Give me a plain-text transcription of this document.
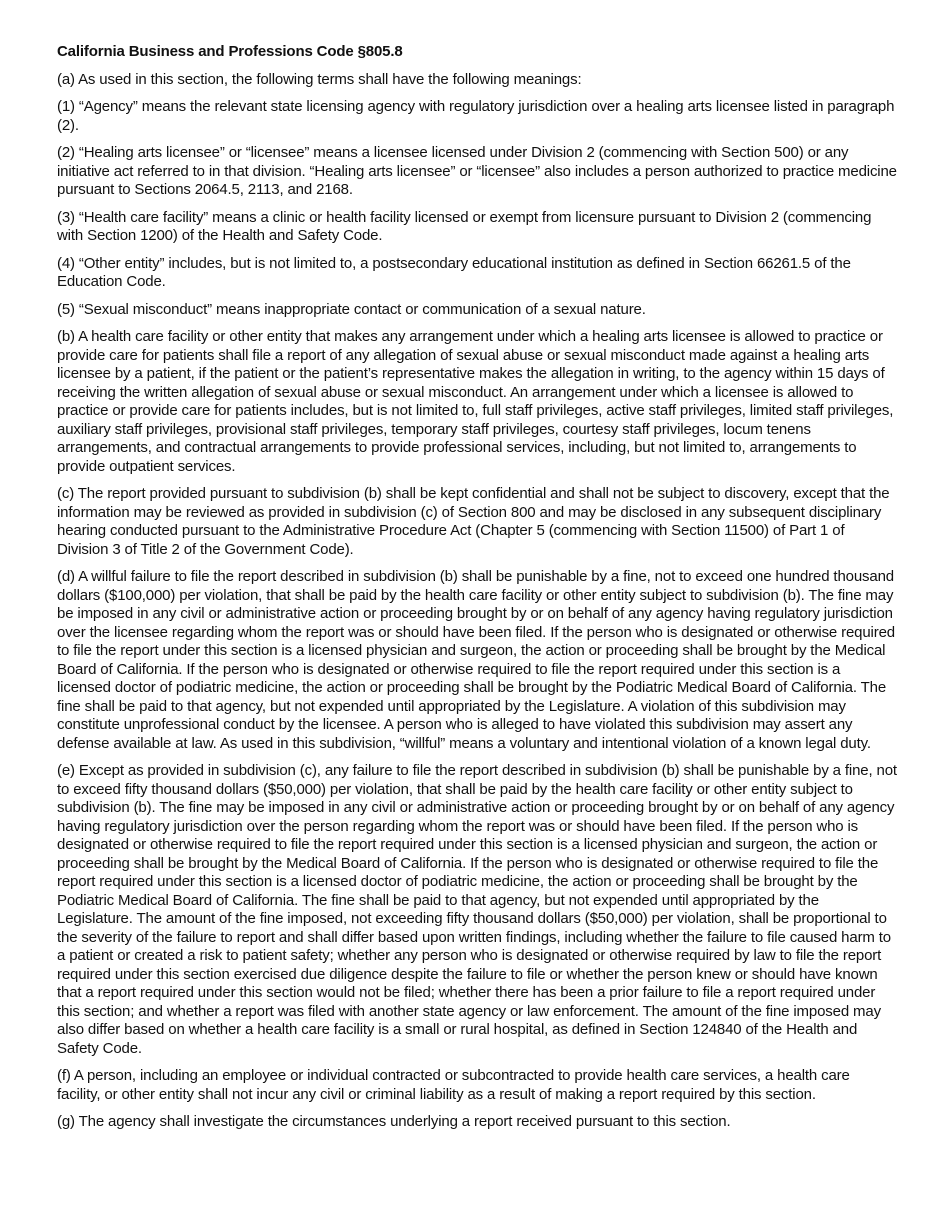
California Business and Professions Code §805.8

(a) As used in this section, the following terms shall have the following meanings:

(1) “Agency” means the relevant state licensing agency with regulatory jurisdiction over a healing arts licensee listed in paragraph (2).

(2) “Healing arts licensee” or “licensee” means a licensee licensed under Division 2 (commencing with Section 500) or any initiative act referred to in that division. “Healing arts licensee” or “licensee” also includes a person authorized to practice medicine pursuant to Sections 2064.5, 2113, and 2168.

(3) “Health care facility” means a clinic or health facility licensed or exempt from licensure pursuant to Division 2 (commencing with Section 1200) of the Health and Safety Code.

(4) “Other entity” includes, but is not limited to, a postsecondary educational institution as defined in Section 66261.5 of the Education Code.

(5) “Sexual misconduct” means inappropriate contact or communication of a sexual nature.

(b) A health care facility or other entity that makes any arrangement under which a healing arts licensee is allowed to practice or provide care for patients shall file a report of any allegation of sexual abuse or sexual misconduct made against a healing arts licensee by a patient, if the patient or the patient’s representative makes the allegation in writing, to the agency within 15 days of receiving the written allegation of sexual abuse or sexual misconduct. An arrangement under which a licensee is allowed to practice or provide care for patients includes, but is not limited to, full staff privileges, active staff privileges, limited staff privileges, auxiliary staff privileges, provisional staff privileges, temporary staff privileges, courtesy staff privileges, locum tenens arrangements, and contractual arrangements to provide professional services, including, but not limited to, arrangements to provide outpatient services.

(c) The report provided pursuant to subdivision (b) shall be kept confidential and shall not be subject to discovery, except that the information may be reviewed as provided in subdivision (c) of Section 800 and may be disclosed in any subsequent disciplinary hearing conducted pursuant to the Administrative Procedure Act (Chapter 5 (commencing with Section 11500) of Part 1 of Division 3 of Title 2 of the Government Code).

(d) A willful failure to file the report described in subdivision (b) shall be punishable by a fine, not to exceed one hundred thousand dollars ($100,000) per violation, that shall be paid by the health care facility or other entity subject to subdivision (b). The fine may be imposed in any civil or administrative action or proceeding brought by or on behalf of any agency having regulatory jurisdiction over the licensee regarding whom the report was or should have been filed. If the person who is designated or otherwise required to file the report under this section is a licensed physician and surgeon, the action or proceeding shall be brought by the Medical Board of California. If the person who is designated or otherwise required to file the report required under this section is a licensed doctor of podiatric medicine, the action or proceeding shall be brought by the Podiatric Medical Board of California. The fine shall be paid to that agency, but not expended until appropriated by the Legislature. A violation of this subdivision may constitute unprofessional conduct by the licensee. A person who is alleged to have violated this subdivision may assert any defense available at law. As used in this subdivision, “willful” means a voluntary and intentional violation of a known legal duty.

(e) Except as provided in subdivision (c), any failure to file the report described in subdivision (b) shall be punishable by a fine, not to exceed fifty thousand dollars ($50,000) per violation, that shall be paid by the health care facility or other entity subject to subdivision (b). The fine may be imposed in any civil or administrative action or proceeding brought by or on behalf of any agency having regulatory jurisdiction over the person regarding whom the report was or should have been filed. If the person who is designated or otherwise required to file the report required under this section is a licensed physician and surgeon, the action or proceeding shall be brought by the Medical Board of California. If the person who is designated or otherwise required to file the report required under this section is a licensed doctor of podiatric medicine, the action or proceeding shall be brought by the Podiatric Medical Board of California. The fine shall be paid to that agency, but not expended until appropriated by the Legislature. The amount of the fine imposed, not exceeding fifty thousand dollars ($50,000) per violation, shall be proportional to the severity of the failure to report and shall differ based upon written findings, including whether the failure to file caused harm to a patient or created a risk to patient safety; whether any person who is designated or otherwise required by law to file the report required under this section exercised due diligence despite the failure to file or whether the person knew or should have known that a report required under this section would not be filed; whether there has been a prior failure to file a report required under this section; and whether a report was filed with another state agency or law enforcement. The amount of the fine imposed may also differ based on whether a health care facility is a small or rural hospital, as defined in Section 124840 of the Health and Safety Code.

(f) A person, including an employee or individual contracted or subcontracted to provide health care services, a health care facility, or other entity shall not incur any civil or criminal liability as a result of making a report required by this section.

(g) The agency shall investigate the circumstances underlying a report received pursuant to this section.
